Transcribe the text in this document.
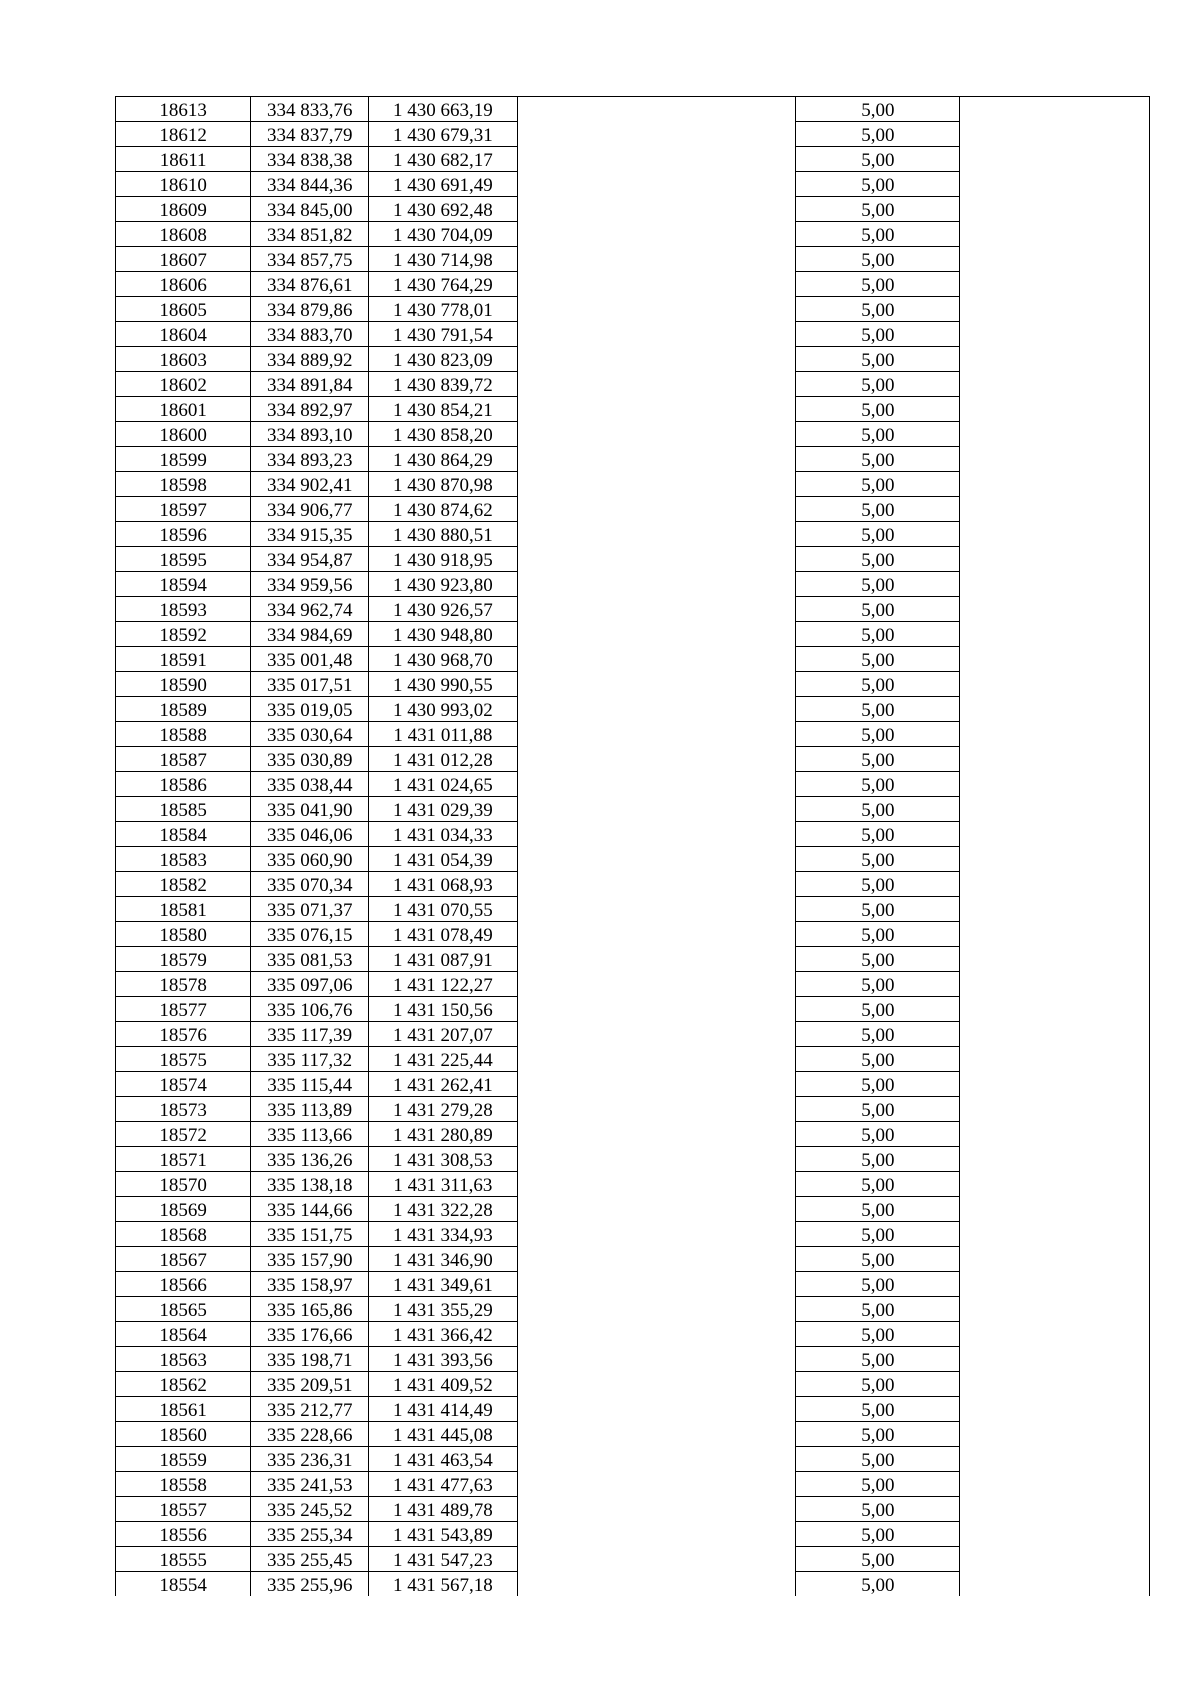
18613	334 833,76	1 430 663,19		5,00	
18612	334 837,79	1 430 679,31		5,00	
18611	334 838,38	1 430 682,17		5,00	
18610	334 844,36	1 430 691,49		5,00	
18609	334 845,00	1 430 692,48		5,00	
18608	334 851,82	1 430 704,09		5,00	
18607	334 857,75	1 430 714,98		5,00	
18606	334 876,61	1 430 764,29		5,00	
18605	334 879,86	1 430 778,01		5,00	
18604	334 883,70	1 430 791,54		5,00	
18603	334 889,92	1 430 823,09		5,00	
18602	334 891,84	1 430 839,72		5,00	
18601	334 892,97	1 430 854,21		5,00	
18600	334 893,10	1 430 858,20		5,00	
18599	334 893,23	1 430 864,29		5,00	
18598	334 902,41	1 430 870,98		5,00	
18597	334 906,77	1 430 874,62		5,00	
18596	334 915,35	1 430 880,51		5,00	
18595	334 954,87	1 430 918,95		5,00	
18594	334 959,56	1 430 923,80		5,00	
18593	334 962,74	1 430 926,57		5,00	
18592	334 984,69	1 430 948,80		5,00	
18591	335 001,48	1 430 968,70		5,00	
18590	335 017,51	1 430 990,55		5,00	
18589	335 019,05	1 430 993,02		5,00	
18588	335 030,64	1 431 011,88		5,00	
18587	335 030,89	1 431 012,28		5,00	
18586	335 038,44	1 431 024,65		5,00	
18585	335 041,90	1 431 029,39		5,00	
18584	335 046,06	1 431 034,33		5,00	
18583	335 060,90	1 431 054,39		5,00	
18582	335 070,34	1 431 068,93		5,00	
18581	335 071,37	1 431 070,55		5,00	
18580	335 076,15	1 431 078,49		5,00	
18579	335 081,53	1 431 087,91		5,00	
18578	335 097,06	1 431 122,27		5,00	
18577	335 106,76	1 431 150,56		5,00	
18576	335 117,39	1 431 207,07		5,00	
18575	335 117,32	1 431 225,44		5,00	
18574	335 115,44	1 431 262,41		5,00	
18573	335 113,89	1 431 279,28		5,00	
18572	335 113,66	1 431 280,89		5,00	
18571	335 136,26	1 431 308,53		5,00	
18570	335 138,18	1 431 311,63		5,00	
18569	335 144,66	1 431 322,28		5,00	
18568	335 151,75	1 431 334,93		5,00	
18567	335 157,90	1 431 346,90		5,00	
18566	335 158,97	1 431 349,61		5,00	
18565	335 165,86	1 431 355,29		5,00	
18564	335 176,66	1 431 366,42		5,00	
18563	335 198,71	1 431 393,56		5,00	
18562	335 209,51	1 431 409,52		5,00	
18561	335 212,77	1 431 414,49		5,00	
18560	335 228,66	1 431 445,08		5,00	
18559	335 236,31	1 431 463,54		5,00	
18558	335 241,53	1 431 477,63		5,00	
18557	335 245,52	1 431 489,78		5,00	
18556	335 255,34	1 431 543,89		5,00	
18555	335 255,45	1 431 547,23		5,00	
18554	335 255,96	1 431 567,18		5,00	
